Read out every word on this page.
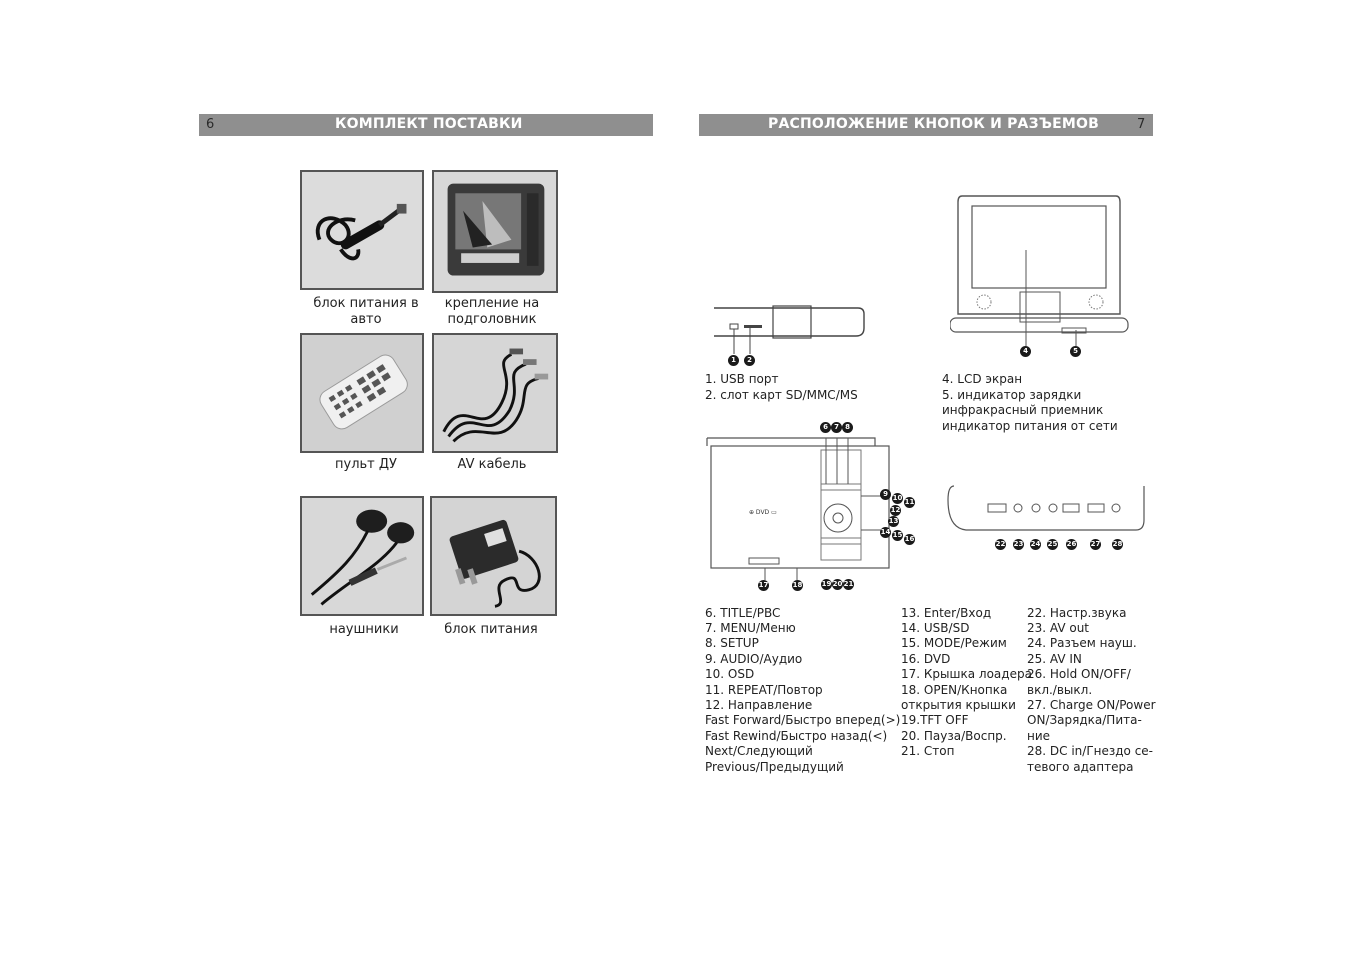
6	КОМПЛЕКТ ПОСТАВКИ	РАСПОЛОЖЕНИЕ КНОПОК И РАЗЪЕМОВ	7
блок питания в авто
крепление на подголовник
пульт ДУ	AV кабель
наушники	блок питания
1	2
1. USB порт
2. слот карт SD/MMC/MS
4	5
4. LCD экран
5. индикатор зарядки
инфракрасный приемник
индикатор питания от сети
⊕ DVD ▭
6 7 8
9 10 11
12
13
14 15 16
17	18	19 20 21
22 23 24 25 26 27 28
6. TITLE/PBC
7. MENU/Меню
8. SETUP
9. AUDIO/Аудио
10. OSD
11. REPEAT/Повтор
12. Направление
Fast Forward/Быстро вперед(>)
Fast Rewind/Быстро назад(<)
Next/Следующий
Previous/Предыдущий
13. Enter/Вход
14. USB/SD
15. MODE/Режим
16. DVD
17. Крышка лоадера
18. OPEN/Кнопка
открытия крышки
19.TFT OFF
20. Пауза/Воспр.
21. Стоп
22. Настр.звука
23. AV out
24. Разъем науш.
25. AV IN
26. Hold ON/OFF/
вкл./выкл.
27. Charge ON/Power
ON/Зарядка/Пита-
ние
28. DC in/Гнездо се-
тевого адаптера
